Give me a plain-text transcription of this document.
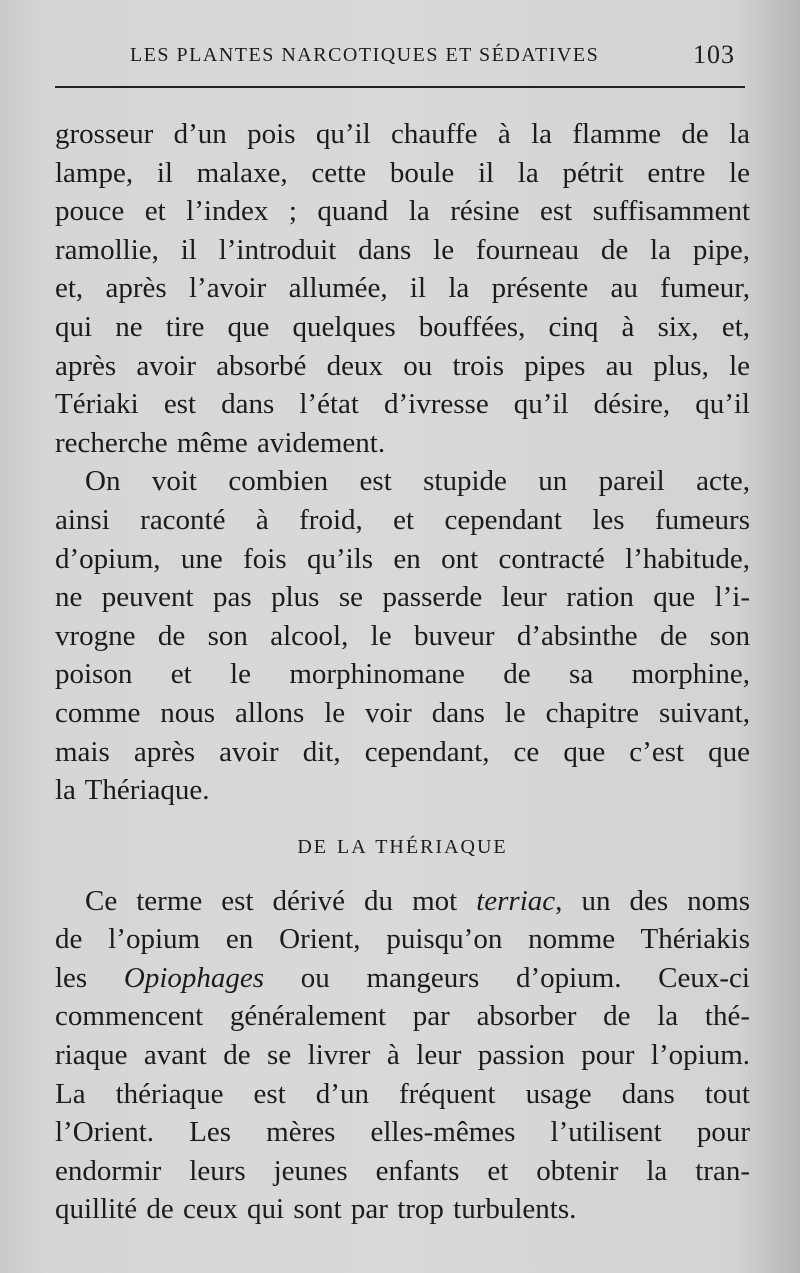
LES PLANTES NARCOTIQUES ET SÉDATIVES	103

grosseur d’un pois qu’il chauffe à la flamme de la
lampe, il malaxe, cette boule il la pétrit entre le
pouce et l’index ; quand la résine est suffisamment
ramollie, il l’introduit dans le fourneau de la pipe,
et, après l’avoir allumée, il la présente au fumeur,
qui ne tire que quelques bouffées, cinq à six, et,
après avoir absorbé deux ou trois pipes au plus, le
Tériaki est dans l’état d’ivresse qu’il désire, qu’il
recherche même avidement.

On voit combien est stupide un pareil acte,
ainsi raconté à froid, et cependant les fumeurs
d’opium, une fois qu’ils en ont contracté l’habitude,
ne peuvent pas plus se passerde leur ration que l’i-
vrogne de son alcool, le buveur d’absinthe de son
poison et le morphinomane de sa morphine,
comme nous allons le voir dans le chapitre suivant,
mais après avoir dit, cependant, ce que c’est que
la Thériaque.

DE LA THÉRIAQUE

Ce terme est dérivé du mot terriac, un des noms
de l’opium en Orient, puisqu’on nomme Thériakis
les Opiophages ou mangeurs d’opium. Ceux-ci
commencent généralement par absorber de la thé-
riaque avant de se livrer à leur passion pour l’opium.
La thériaque est d’un fréquent usage dans tout
l’Orient. Les mères elles-mêmes l’utilisent pour
endormir leurs jeunes enfants et obtenir la tran-
quillité de ceux qui sont par trop turbulents.
